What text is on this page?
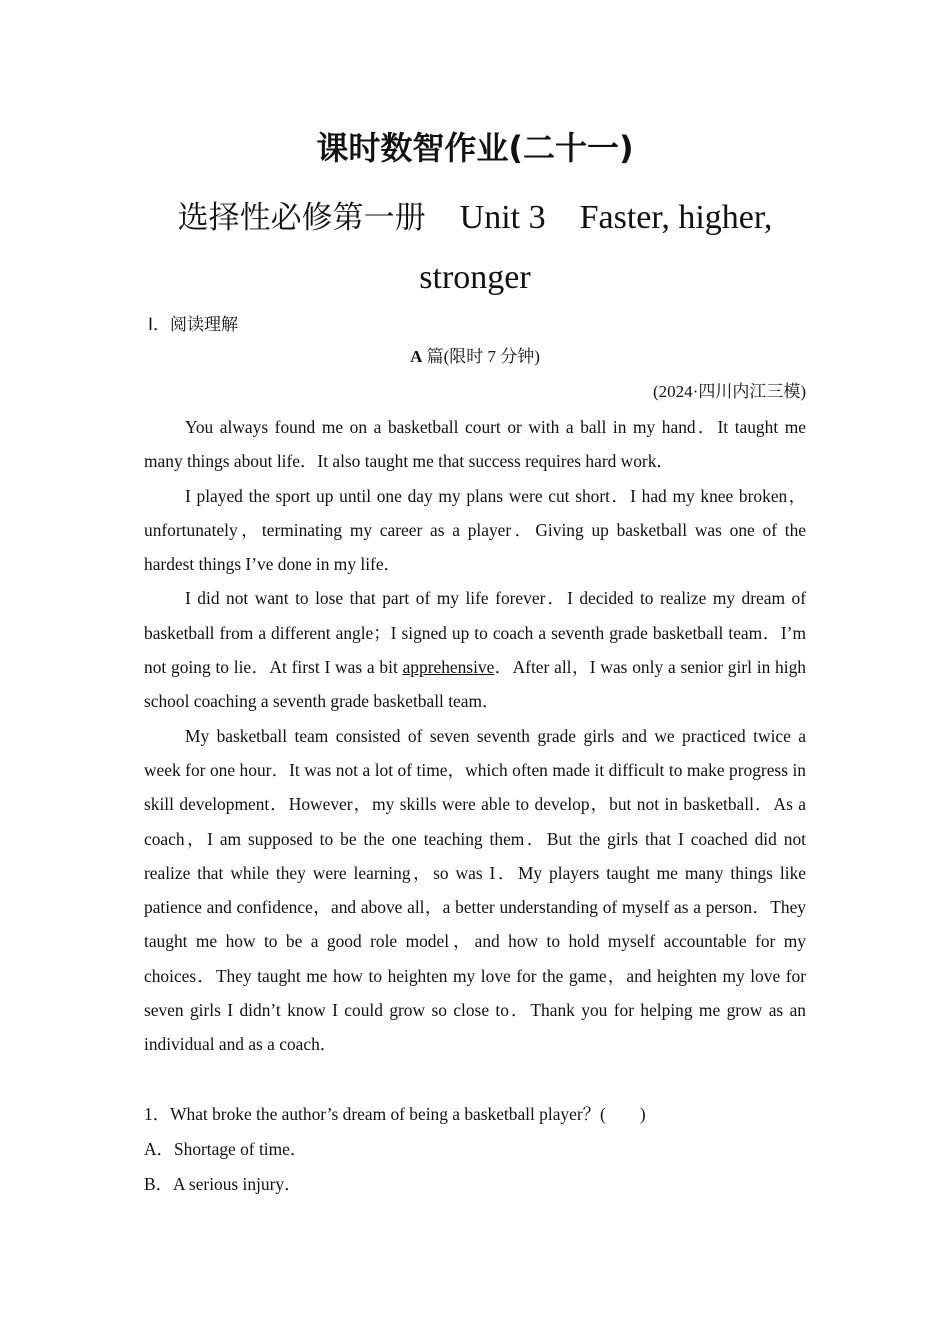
课时数智作业(二十一)
选择性必修第一册 Unit 3 Faster, higher,
stronger
Ⅰ．阅读理解
A 篇(限时 7 分钟)
(2024·四川内江三模)

You always found me on a basketball court or with a ball in my hand．It taught me many things about life．It also taught me that success requires hard work．

I played the sport up until one day my plans were cut short．I had my knee broken，unfortunately，terminating my career as a player．Giving up basketball was one of the hardest things I’ve done in my life．

I did not want to lose that part of my life forever．I decided to realize my dream of basketball from a different angle；I signed up to coach a seventh grade basketball team．I’m not going to lie．At first I was a bit apprehensive．After all，I was only a senior girl in high school coaching a seventh grade basketball team．

My basketball team consisted of seven seventh grade girls and we practiced twice a week for one hour．It was not a lot of time，which often made it difficult to make progress in skill development．However，my skills were able to develop，but not in basketball．As a coach，I am supposed to be the one teaching them．But the girls that I coached did not realize that while they were learning，so was I．My players taught me many things like patience and confidence，and above all，a better understanding of myself as a person．They taught me how to be a good role model，and how to hold myself accountable for my choices．They taught me how to heighten my love for the game，and heighten my love for seven girls I didn’t know I could grow so close to．Thank you for helping me grow as an individual and as a coach．

1．What broke the author’s dream of being a basketball player？( )
A．Shortage of time．
B．A serious injury．
